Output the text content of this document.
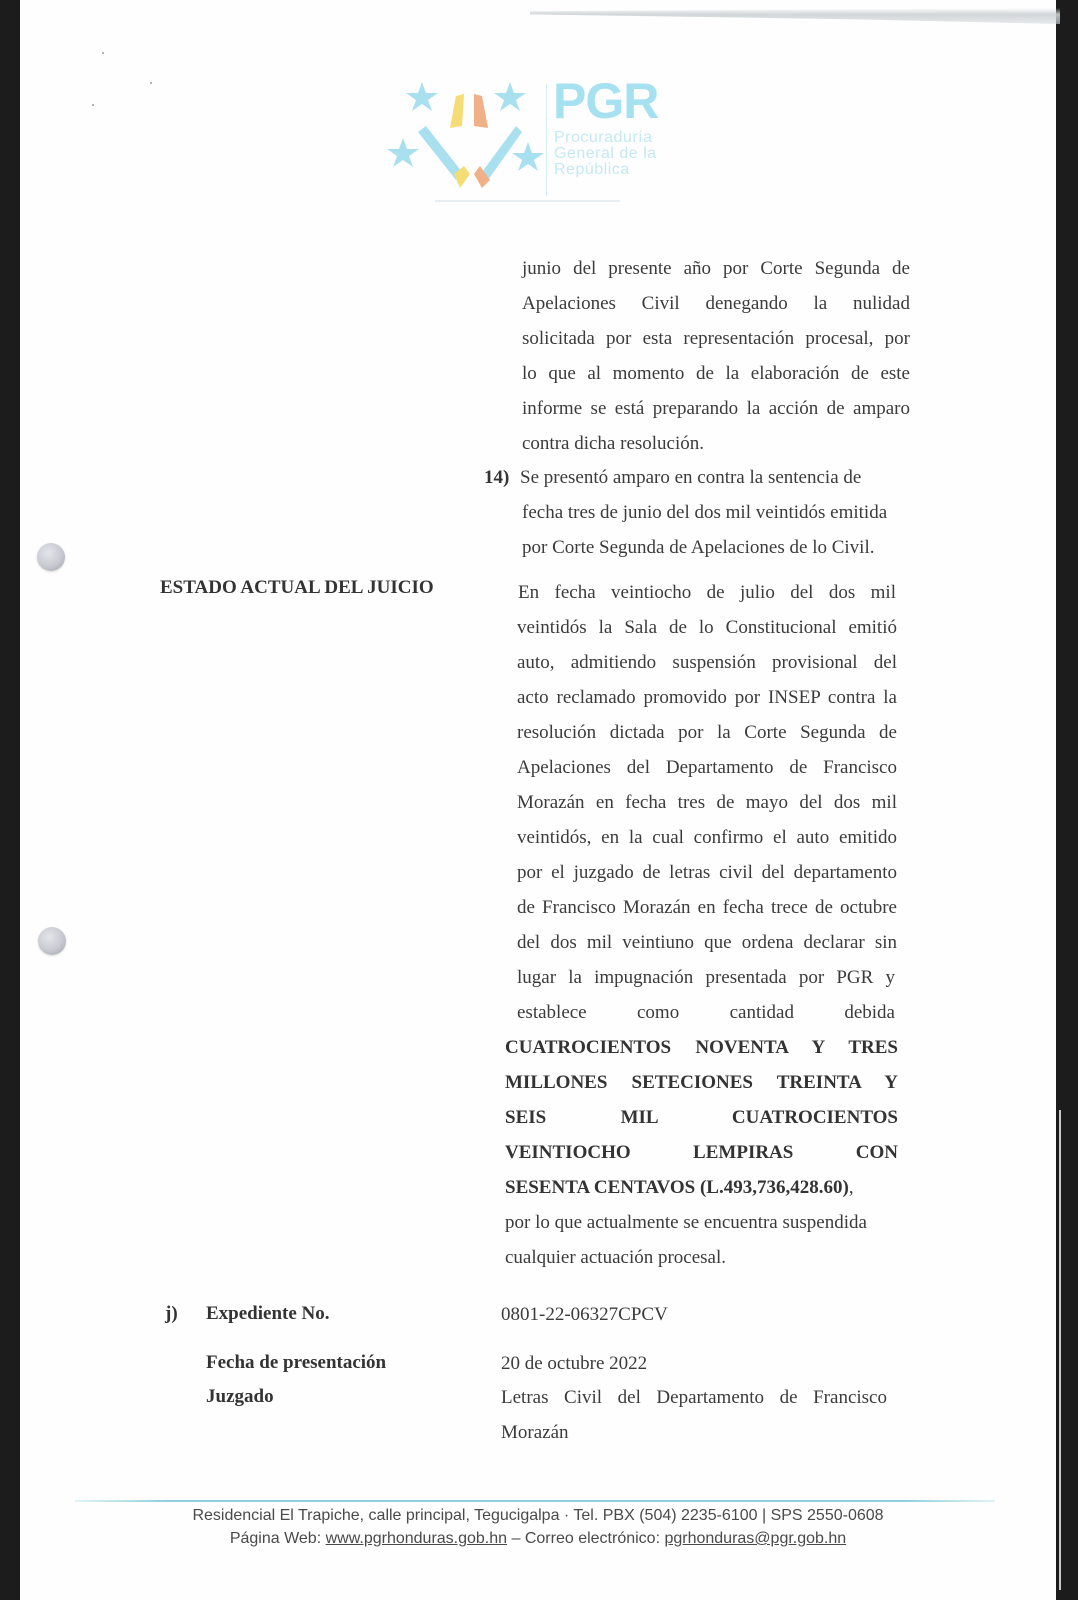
PGR
Procuraduría
General de la
República
junio del presente año por Corte Segunda de
Apelaciones Civil denegando la nulidad
solicitada por esta representación procesal, por
lo que al momento de la elaboración de este
informe se está preparando la acción de amparo
contra dicha resolución.
14) Se presentó amparo en contra la sentencia de
fecha tres de junio del dos mil veintidós emitida
por Corte Segunda de Apelaciones de lo Civil.
ESTADO ACTUAL DEL JUICIO	En fecha veintiocho de julio del dos mil
veintidós la Sala de lo Constitucional emitió
auto, admitiendo suspensión provisional del
acto reclamado promovido por INSEP contra la
resolución dictada por la Corte Segunda de
Apelaciones del Departamento de Francisco
Morazán en fecha tres de mayo del dos mil
veintidós, en la cual confirmo el auto emitido
por el juzgado de letras civil del departamento
de Francisco Morazán en fecha trece de octubre
del dos mil veintiuno que ordena declarar sin
lugar la impugnación presentada por PGR y
establece como cantidad debida
CUATROCIENTOS NOVENTA Y TRES
MILLONES SETECIONES TREINTA Y
SEIS MIL CUATROCIENTOS
VEINTIOCHO LEMPIRAS CON
SESENTA CENTAVOS (L.493,736,428.60),
por lo que actualmente se encuentra suspendida
cualquier actuación procesal.
j) Expediente No.	0801-22-06327CPCV
Fecha de presentación	20 de octubre 2022
Juzgado	Letras Civil del Departamento de Francisco
Morazán
Residencial El Trapiche, calle principal, Tegucigalpa · Tel. PBX (504) 2235-6100 | SPS 2550-0608
Página Web: www.pgrhonduras.gob.hn – Correo electrónico: pgrhonduras@pgr.gob.hn
